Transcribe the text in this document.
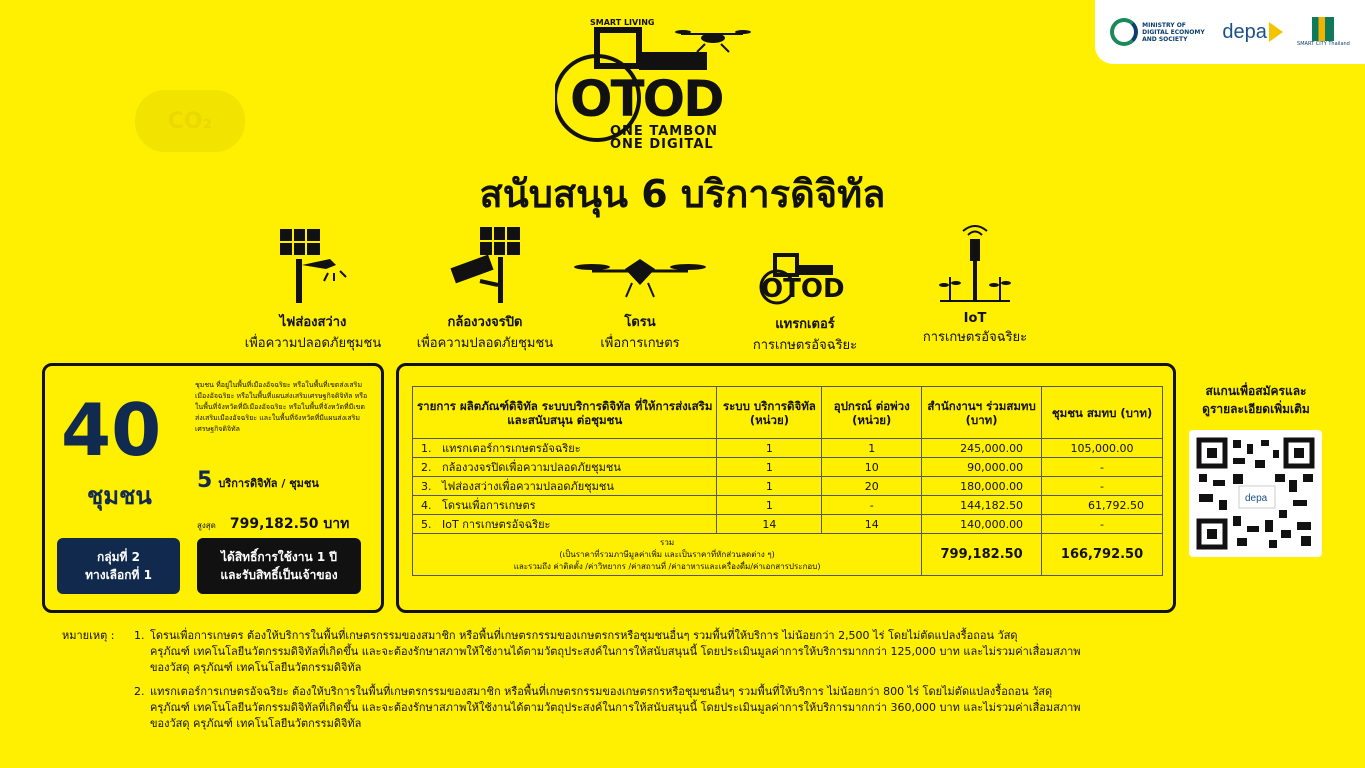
CO₂
MINISTRY OF DIGITAL ECONOMY AND SOCIETY	depa
SMART CITY Thailand
SMART LIVING
OTOD
ONE TAMBON
ONE DIGITAL
สนับสนุน 6 บริการดิจิทัล
ไฟส่องสว่าง
เพื่อความปลอดภัยชุมชน
กล้องวงจรปิด
เพื่อความปลอดภัยชุมชน
โดรน
เพื่อการเกษตร
OTOD
แทรกเตอร์
การเกษตรอัจฉริยะ
IoT
การเกษตรอัจฉริยะ
40
ชุมชน
ชุมชน ที่อยู่ในพื้นที่เมืองอัจฉริยะ หรือในพื้นที่เขตส่งเสริมเมืองอัจฉริยะ หรือในพื้นที่แผนส่งเสริมเศรษฐกิจดิจิทัล หรือในพื้นที่จังหวัดที่มีเมืองอัจฉริยะ หรือในพื้นที่จังหวัดที่มีเขตส่งเสริมเมืองอัจฉริยะ และในพื้นที่จังหวัดที่มีแผนส่งเสริมเศรษฐกิจดิจิทัล
5 บริการดิจิทัล / ชุมชน
สูงสุด 799,182.50 บาท
กลุ่มที่ 2
ทางเลือกที่ 1
ได้สิทธิ์การใช้งาน 1 ปี
และรับสิทธิ์เป็นเจ้าของ
รายการ ผลิตภัณฑ์ดิจิทัล ระบบบริการดิจิทัล ที่ให้การส่งเสริม และสนับสนุน ต่อชุมชน	ระบบ บริการดิจิทัล (หน่วย)	อุปกรณ์ ต่อพ่วง (หน่วย)	สำนักงานฯ ร่วมสมทบ (บาท)	ชุมชน สมทบ (บาท)
1. แทรกเตอร์การเกษตรอัจฉริยะ	1	1	245,000.00	105,000.00
2. กล้องวงจรปิดเพื่อความปลอดภัยชุมชน	1	10	90,000.00	-
3. ไฟส่องสว่างเพื่อความปลอดภัยชุมชน	1	20	180,000.00	-
4. โดรนเพื่อการเกษตร	1	-	144,182.50	61,792.50
5. IoT การเกษตรอัจฉริยะ	14	14	140,000.00	-

รวม
(เป็นราคาที่รวมภาษีมูลค่าเพิ่ม และเป็นราคาที่หักส่วนลดต่าง ๆ)
และรวมถึง ค่าติดตั้ง /ค่าวิทยากร /ค่าสถานที่ /ค่าอาหารและเครื่องดื่ม/ค่าเอกสารประกอบ)			799,182.50	166,792.50
สแกนเพื่อสมัครและ
ดูรายละเอียดเพิ่มเติม
depa
หมายเหตุ : 1. โดรนเพื่อการเกษตร ต้องให้บริการในพื้นที่เกษตรกรรมของสมาชิก หรือพื้นที่เกษตรกรรมของเกษตรกรหรือชุมชนอื่นๆ รวมพื้นที่ให้บริการ ไม่น้อยกว่า 2,500 ไร่ โดยไม่ตัดแปลงรื้อถอน วัสดุ
ครุภัณฑ์ เทคโนโลยีนวัตกรรมดิจิทัลที่เกิดขึ้น และจะต้องรักษาสภาพให้ใช้งานได้ตามวัตถุประสงค์ในการให้สนับสนุนนี้ โดยประเมินมูลค่าการให้บริการมากกว่า 125,000 บาท และไม่รวมค่าเสื่อมสภาพ
ของวัสดุ ครุภัณฑ์ เทคโนโลยีนวัตกรรมดิจิทัล
2. แทรกเตอร์การเกษตรอัจฉริยะ ต้องให้บริการในพื้นที่เกษตรกรรมของสมาชิก หรือพื้นที่เกษตรกรรมของเกษตรกรหรือชุมชนอื่นๆ รวมพื้นที่ให้บริการ ไม่น้อยกว่า 800 ไร่ โดยไม่ตัดแปลงรื้อถอน วัสดุ
ครุภัณฑ์ เทคโนโลยีนวัตกรรมดิจิทัลที่เกิดขึ้น และจะต้องรักษาสภาพให้ใช้งานได้ตามวัตถุประสงค์ในการให้สนับสนุนนี้ โดยประเมินมูลค่าการให้บริการมากกว่า 360,000 บาท และไม่รวมค่าเสื่อมสภาพ
ของวัสดุ ครุภัณฑ์ เทคโนโลยีนวัตกรรมดิจิทัล
